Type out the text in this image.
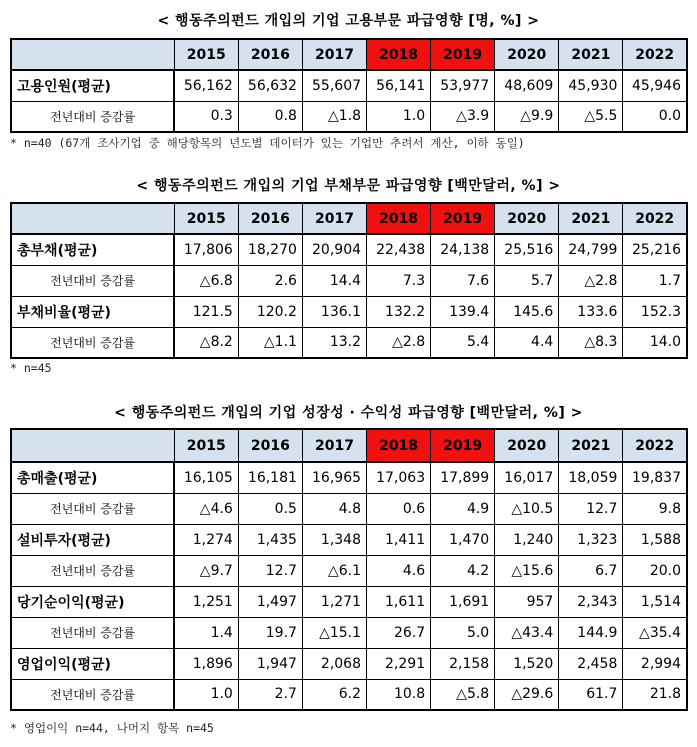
< 행동주의펀드 개입의 기업 고용부문 파급영향 [명, %] >
	2015	2016	2017	2018	2019	2020	2021	2022
고용인원(평균)	56,162	56,632	55,607	56,141	53,977	48,609	45,930	45,946
전년대비 증감률	0.3	0.8	△1.8	1.0	△3.9	△9.9	△5.5	0.0
* n=40 (67개 조사기업 중 해당항목의 년도별 데이터가 있는 기업만 추려서 계산, 이하 동일)
< 행동주의펀드 개입의 기업 부채부문 파급영향 [백만달러, %] >
	2015	2016	2017	2018	2019	2020	2021	2022
총부채(평균)	17,806	18,270	20,904	22,438	24,138	25,516	24,799	25,216
전년대비 증감률	△6.8	2.6	14.4	7.3	7.6	5.7	△2.8	1.7
부채비율(평균)	121.5	120.2	136.1	132.2	139.4	145.6	133.6	152.3
전년대비 증감률	△8.2	△1.1	13.2	△2.8	5.4	4.4	△8.3	14.0
* n=45
< 행동주의펀드 개입의 기업 성장성 · 수익성 파급영향 [백만달러, %] >
	2015	2016	2017	2018	2019	2020	2021	2022
총매출(평균)	16,105	16,181	16,965	17,063	17,899	16,017	18,059	19,837
전년대비 증감률	△4.6	0.5	4.8	0.6	4.9	△10.5	12.7	9.8
설비투자(평균)	1,274	1,435	1,348	1,411	1,470	1,240	1,323	1,588
전년대비 증감률	△9.7	12.7	△6.1	4.6	4.2	△15.6	6.7	20.0
당기순이익(평균)	1,251	1,497	1,271	1,611	1,691	957	2,343	1,514
전년대비 증감률	1.4	19.7	△15.1	26.7	5.0	△43.4	144.9	△35.4
영업이익(평균)	1,896	1,947	2,068	2,291	2,158	1,520	2,458	2,994
전년대비 증감률	1.0	2.7	6.2	10.8	△5.8	△29.6	61.7	21.8
* 영업이익 n=44, 나머지 항목 n=45
